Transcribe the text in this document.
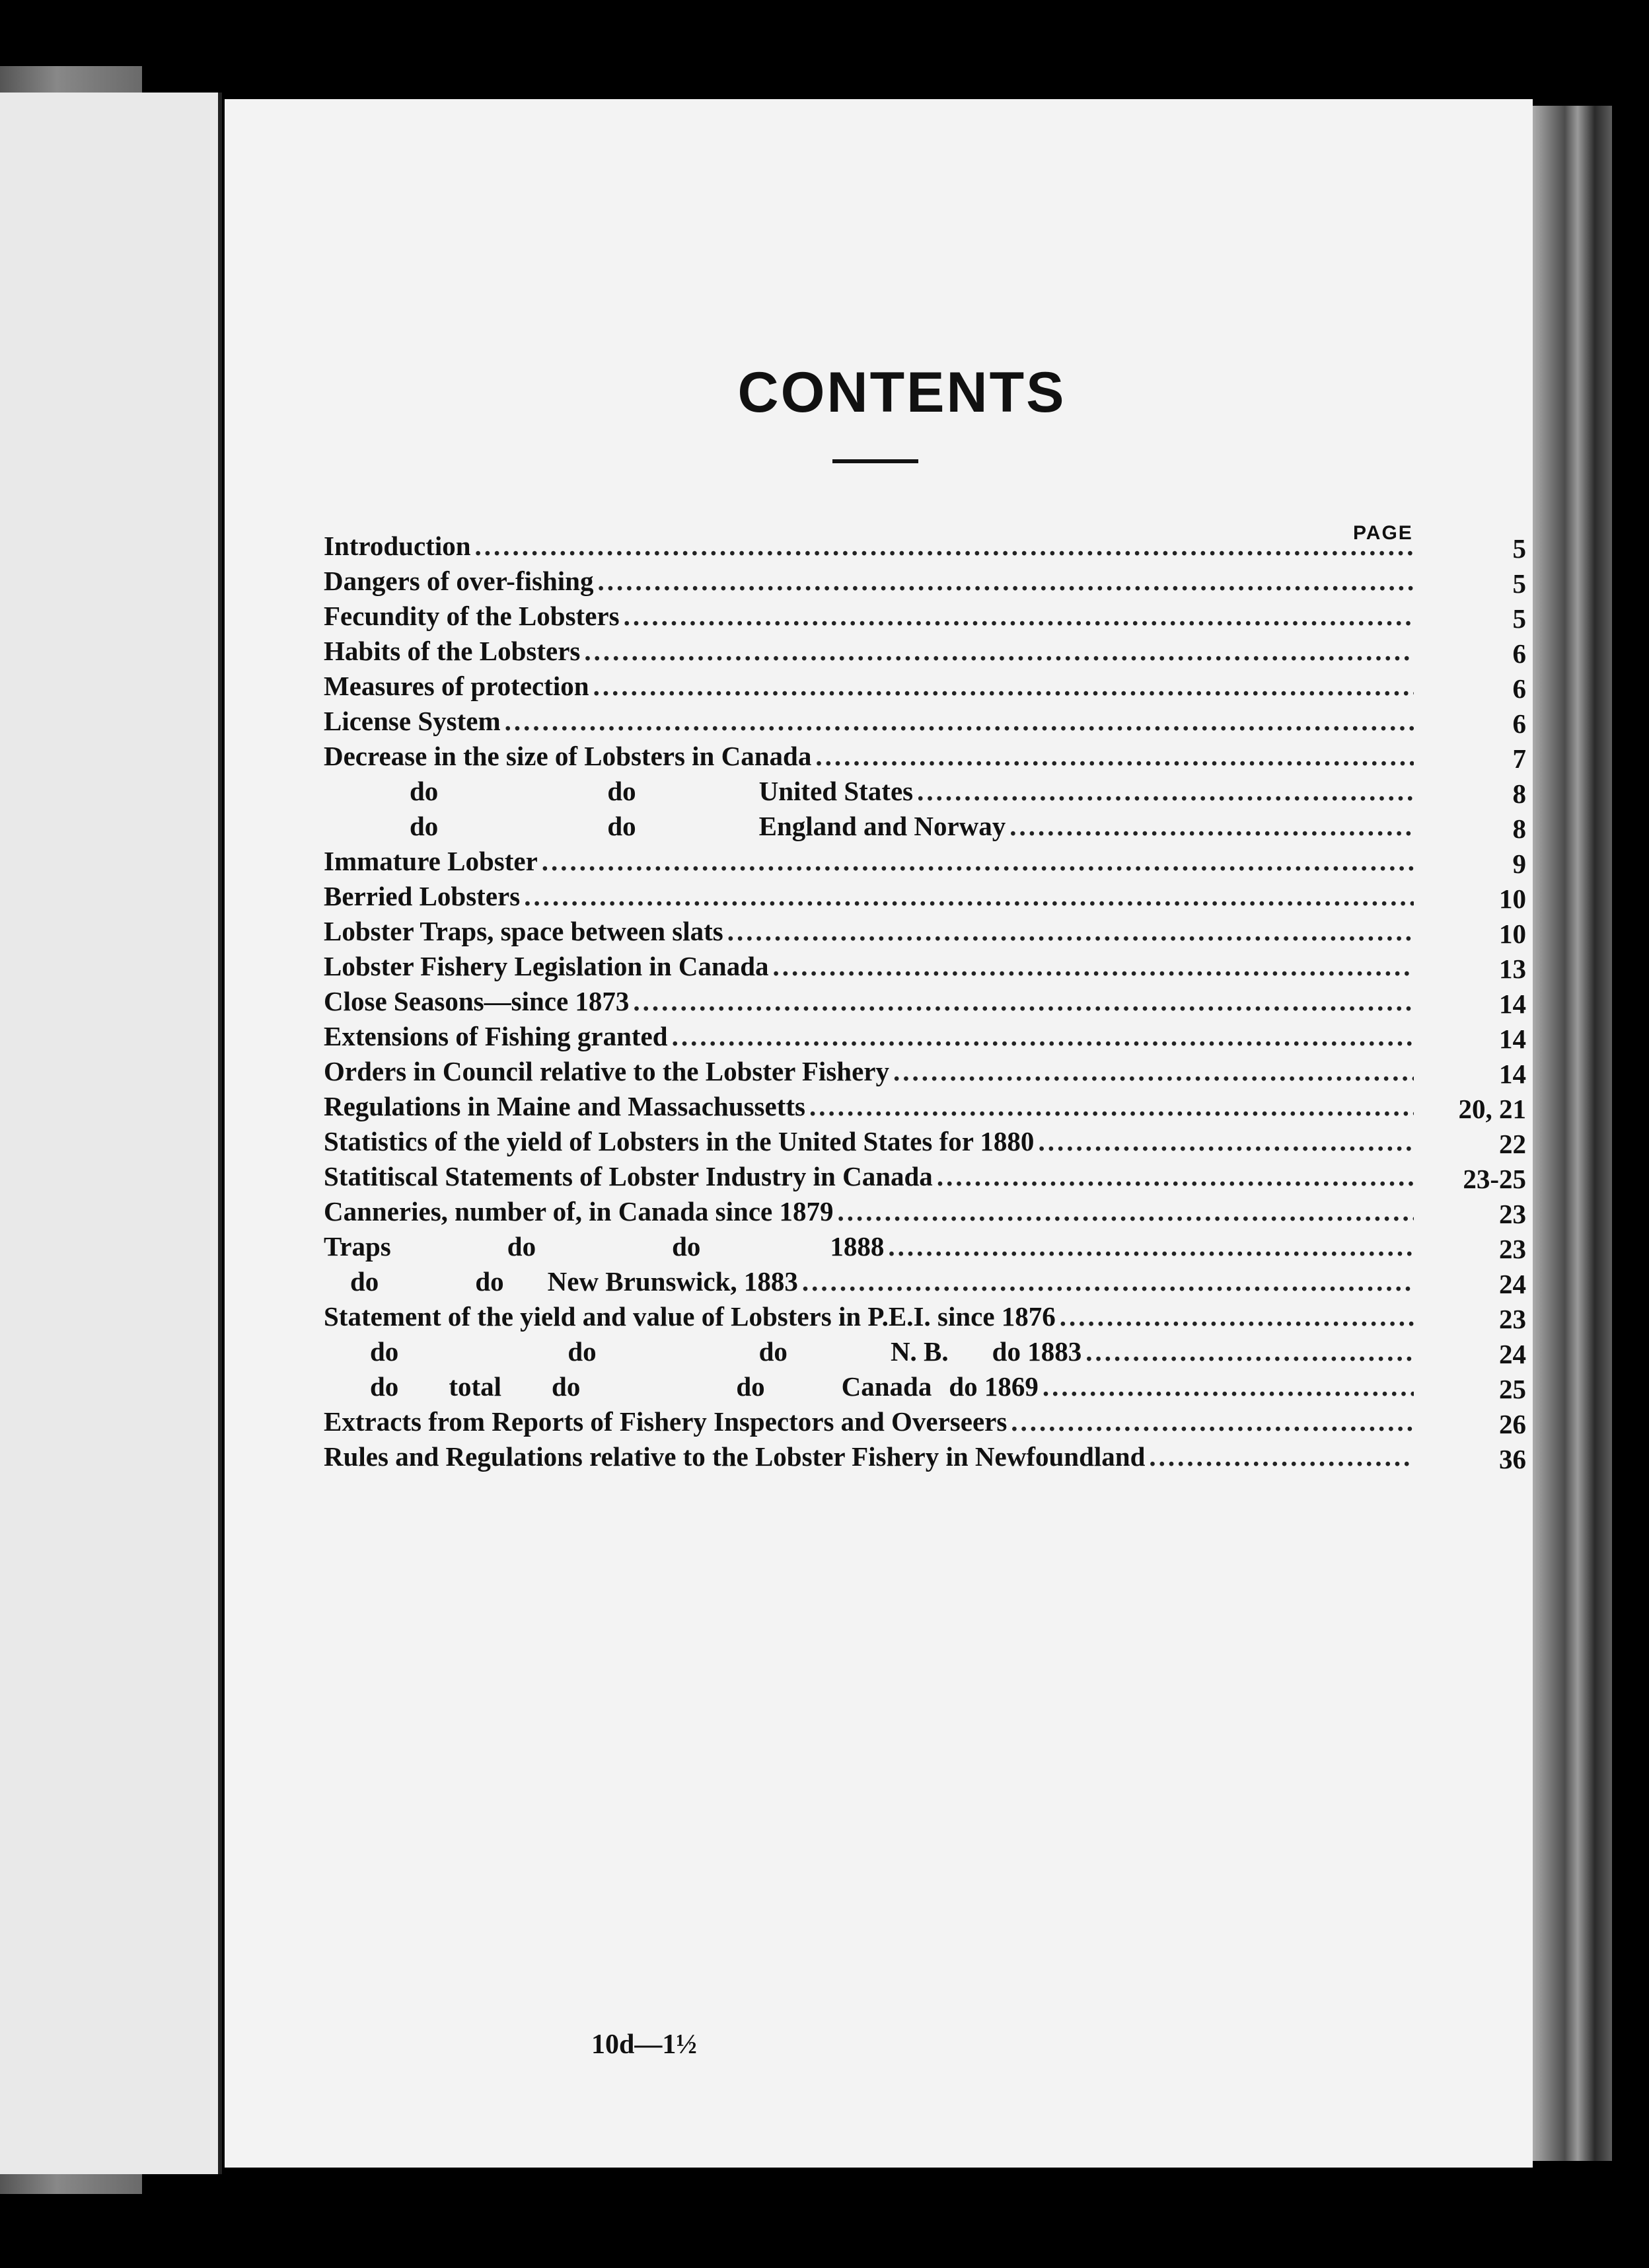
CONTENTS
PAGE
Introduction .....	5
Dangers of over-fishing .....	5
Fecundity of the Lobsters .....	5
Habits of the Lobsters .....	6
Measures of protection .....	6
License System .....	6
Decrease in the size of Lobsters in Canada .....	7
do	do	United States .....	8
do	do	England and Norway .....	8
Immature Lobster .....	9
Berried Lobsters .....	10
Lobster Traps, space between slats .....	10
Lobster Fishery Legislation in Canada .....	13
Close Seasons—since 1873 .....	14
Extensions of Fishing granted .....	14
Orders in Council relative to the Lobster Fishery .....	14
Regulations in Maine and Massachussetts .....	20, 21
Statistics of the yield of Lobsters in the United States for 1880 .....	22
Statitiscal Statements of Lobster Industry in Canada .....	23-25
Canneries, number of, in Canada since 1879 .....	23
Traps	do	do	1888 .....	23
do	do	New Brunswick, 1883 .....	24
Statement of the yield and value of Lobsters in P.E.I. since 1876 .....	23
do	do	do	N. B.	do 1883 .....	24
do	total	do	do	Canada do 1869 .....	25
Extracts from Reports of Fishery Inspectors and Overseers .....	26
Rules and Regulations relative to the Lobster Fishery in Newfoundland .....	36
10d—1½
